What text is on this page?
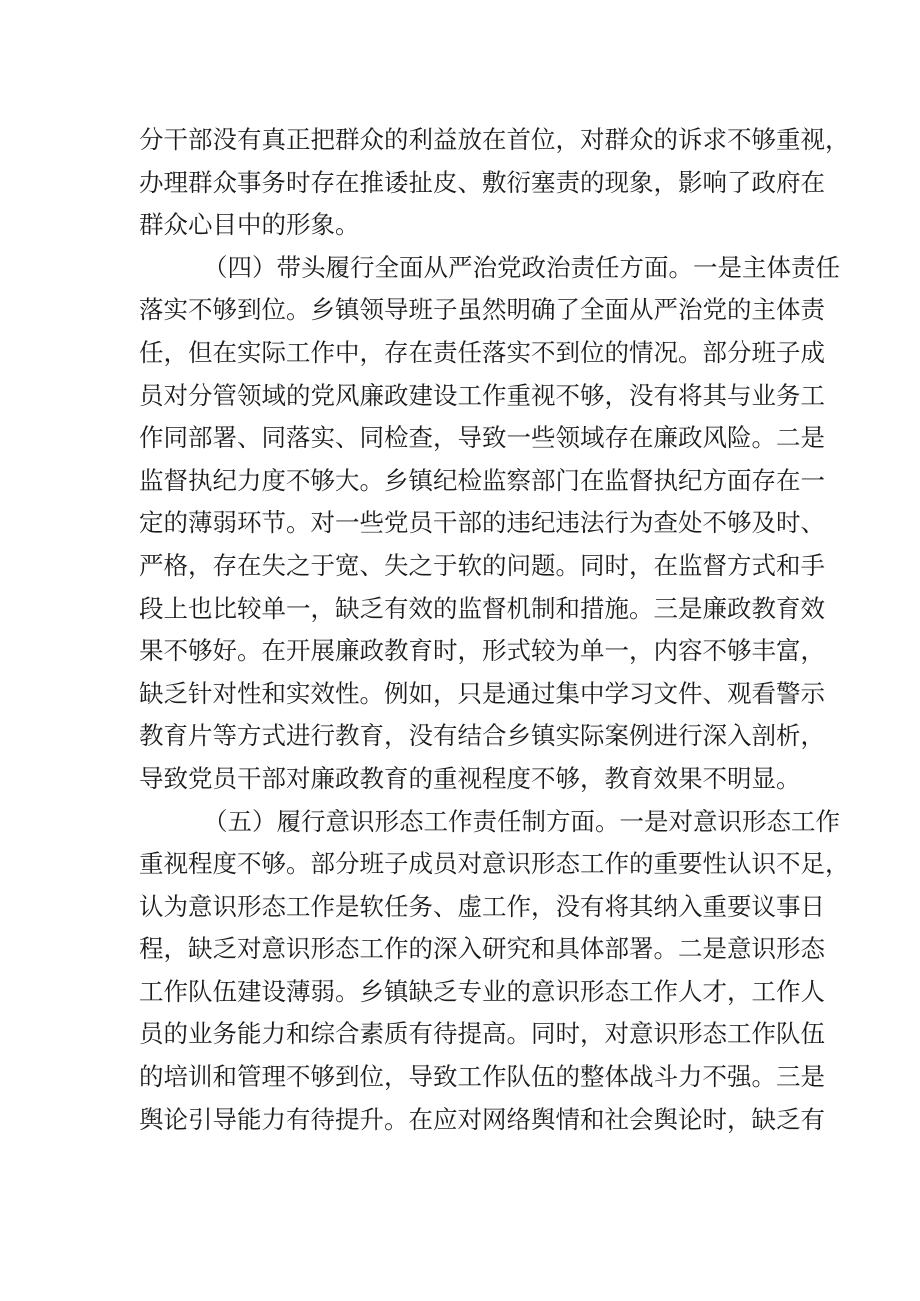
分干部没有真正把群众的利益放在首位，对群众的诉求不够重视，
办理群众事务时存在推诿扯皮、敷衍塞责的现象，影响了政府在
群众心目中的形象。
（四）带头履行全面从严治党政治责任方面。一是主体责任
落实不够到位。乡镇领导班子虽然明确了全面从严治党的主体责
任，但在实际工作中，存在责任落实不到位的情况。部分班子成
员对分管领域的党风廉政建设工作重视不够，没有将其与业务工
作同部署、同落实、同检查，导致一些领域存在廉政风险。二是
监督执纪力度不够大。乡镇纪检监察部门在监督执纪方面存在一
定的薄弱环节。对一些党员干部的违纪违法行为查处不够及时、
严格，存在失之于宽、失之于软的问题。同时，在监督方式和手
段上也比较单一，缺乏有效的监督机制和措施。三是廉政教育效
果不够好。在开展廉政教育时，形式较为单一，内容不够丰富，
缺乏针对性和实效性。例如，只是通过集中学习文件、观看警示
教育片等方式进行教育，没有结合乡镇实际案例进行深入剖析，
导致党员干部对廉政教育的重视程度不够，教育效果不明显。
（五）履行意识形态工作责任制方面。一是对意识形态工作
重视程度不够。部分班子成员对意识形态工作的重要性认识不足，
认为意识形态工作是软任务、虚工作，没有将其纳入重要议事日
程，缺乏对意识形态工作的深入研究和具体部署。二是意识形态
工作队伍建设薄弱。乡镇缺乏专业的意识形态工作人才，工作人
员的业务能力和综合素质有待提高。同时，对意识形态工作队伍
的培训和管理不够到位，导致工作队伍的整体战斗力不强。三是
舆论引导能力有待提升。在应对网络舆情和社会舆论时，缺乏有
